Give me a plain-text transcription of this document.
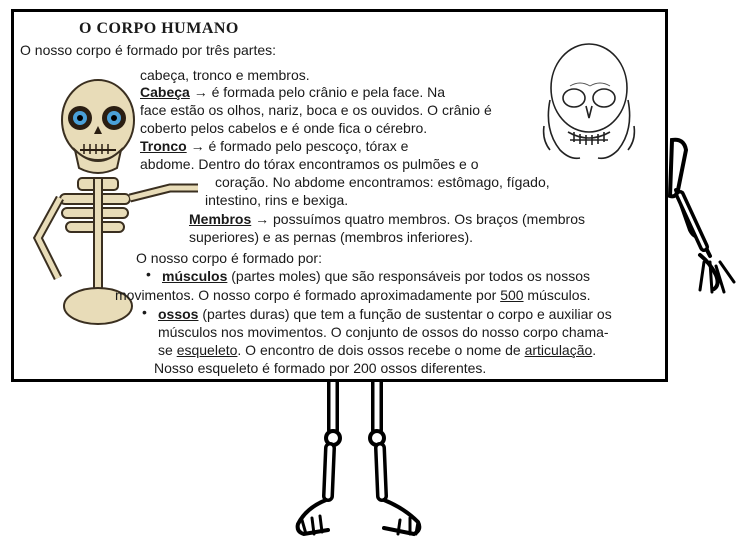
O CORPO HUMANO
O nosso corpo é formado por três partes:
cabeça, tronco e membros.
Cabeça → é formada pelo crânio e pela face. Na
face estão os olhos, nariz, boca e os ouvidos. O crânio é
coberto pelos cabelos e é onde fica o cérebro.
Tronco → é formado pelo pescoço, tórax e
abdome. Dentro do tórax encontramos os pulmões e o
coração. No abdome encontramos: estômago, fígado,
intestino, rins e bexiga.
Membros → possuímos quatro membros. Os braços (membros
superiores) e as pernas (membros inferiores).
O nosso corpo é formado por:
• músculos (partes moles) que são responsáveis por todos os nossos
movimentos. O nosso corpo é formado aproximadamente por 500 músculos.
• ossos (partes duras) que tem a função de sustentar o corpo e auxiliar os
músculos nos movimentos. O conjunto de ossos do nosso corpo chama-
se esqueleto. O encontro de dois ossos recebe o nome de articulação.
Nosso esqueleto é formado por 200 ossos diferentes.
